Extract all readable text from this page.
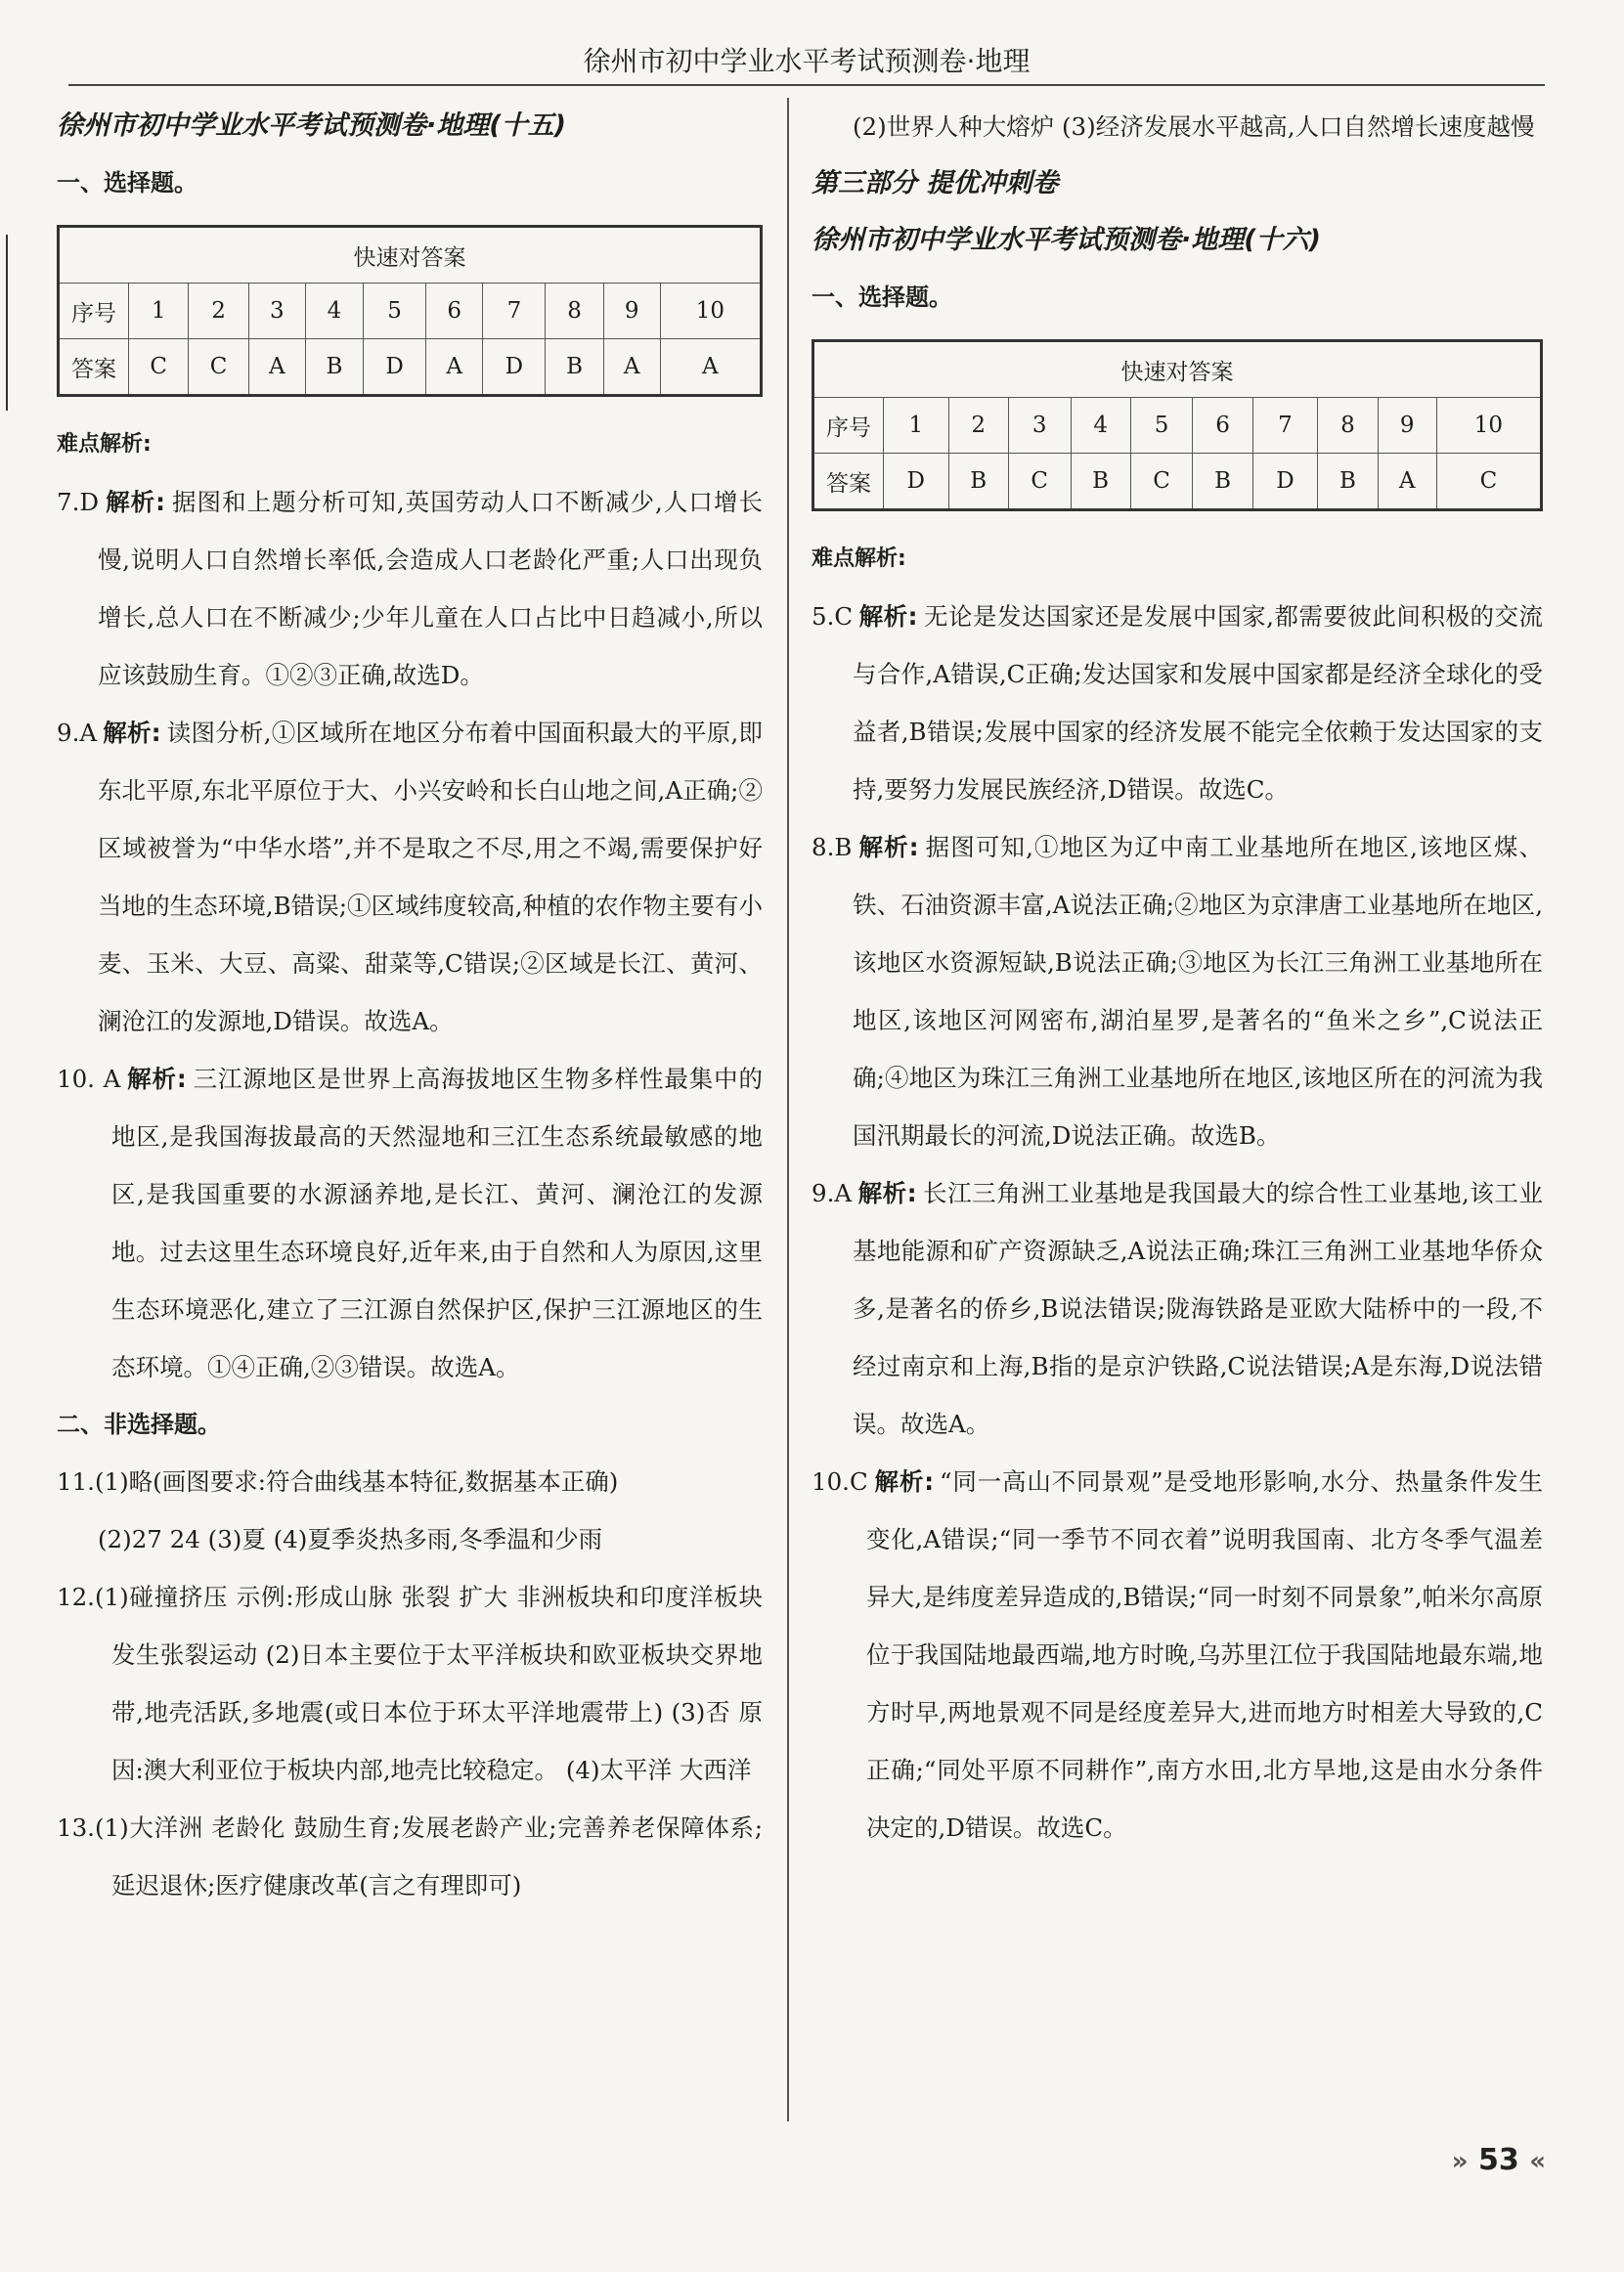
徐州市初中学业水平考试预测卷·地理
徐州市初中学业水平考试预测卷·地理(十五)
一、选择题。
快速对答案										
序号	1	2	3	4	5	6	7	8	9	10
答案	C	C	A	B	D	A	D	B	A	A
难点解析:

7.D 解析: 据图和上题分析可知,英国劳动人口不断减少,人口增长慢,说明人口自然增长率低,会造成人口老龄化严重;人口出现负增长,总人口在不断减少;少年儿童在人口占比中日趋减小,所以应该鼓励生育。①②③正确,故选D。

9.A 解析: 读图分析,①区域所在地区分布着中国面积最大的平原,即东北平原,东北平原位于大、小兴安岭和长白山地之间,A正确;②区域被誉为“中华水塔”,并不是取之不尽,用之不竭,需要保护好当地的生态环境,B错误;①区域纬度较高,种植的农作物主要有小麦、玉米、大豆、高粱、甜菜等,C错误;②区域是长江、黄河、澜沧江的发源地,D错误。故选A。

10. A 解析: 三江源地区是世界上高海拔地区生物多样性最集中的地区,是我国海拔最高的天然湿地和三江生态系统最敏感的地区,是我国重要的水源涵养地,是长江、黄河、澜沧江的发源地。过去这里生态环境良好,近年来,由于自然和人为原因,这里生态环境恶化,建立了三江源自然保护区,保护三江源地区的生态环境。①④正确,②③错误。故选A。

二、非选择题。

11.(1)略(画图要求:符合曲线基本特征,数据基本正确)

(2)27 24 (3)夏 (4)夏季炎热多雨,冬季温和少雨

12.(1)碰撞挤压 示例:形成山脉 张裂 扩大 非洲板块和印度洋板块发生张裂运动 (2)日本主要位于太平洋板块和欧亚板块交界地带,地壳活跃,多地震(或日本位于环太平洋地震带上) (3)否 原因:澳大利亚位于板块内部,地壳比较稳定。 (4)太平洋 大西洋

13.(1)大洋洲 老龄化 鼓励生育;发展老龄产业;完善养老保障体系;延迟退休;医疗健康改革(言之有理即可)

(2)世界人种大熔炉 (3)经济发展水平越高,人口自然增长速度越慢

第三部分 提优冲刺卷
徐州市初中学业水平考试预测卷·地理(十六)
一、选择题。
快速对答案										
序号	1	2	3	4	5	6	7	8	9	10
答案	D	B	C	B	C	B	D	B	A	C
难点解析:

5.C 解析: 无论是发达国家还是发展中国家,都需要彼此间积极的交流与合作,A错误,C正确;发达国家和发展中国家都是经济全球化的受益者,B错误;发展中国家的经济发展不能完全依赖于发达国家的支持,要努力发展民族经济,D错误。故选C。

8.B 解析: 据图可知,①地区为辽中南工业基地所在地区,该地区煤、铁、石油资源丰富,A说法正确;②地区为京津唐工业基地所在地区,该地区水资源短缺,B说法正确;③地区为长江三角洲工业基地所在地区,该地区河网密布,湖泊星罗,是著名的“鱼米之乡”,C说法正确;④地区为珠江三角洲工业基地所在地区,该地区所在的河流为我国汛期最长的河流,D说法正确。故选B。

9.A 解析: 长江三角洲工业基地是我国最大的综合性工业基地,该工业基地能源和矿产资源缺乏,A说法正确;珠江三角洲工业基地华侨众多,是著名的侨乡,B说法错误;陇海铁路是亚欧大陆桥中的一段,不经过南京和上海,B指的是京沪铁路,C说法错误;A是东海,D说法错误。故选A。

10.C 解析: “同一高山不同景观”是受地形影响,水分、热量条件发生变化,A错误;“同一季节不同衣着”说明我国南、北方冬季气温差异大,是纬度差异造成的,B错误;“同一时刻不同景象”,帕米尔高原位于我国陆地最西端,地方时晚,乌苏里江位于我国陆地最东端,地方时早,两地景观不同是经度差异大,进而地方时相差大导致的,C正确;“同处平原不同耕作”,南方水田,北方旱地,这是由水分条件决定的,D错误。故选C。

» 53 «
